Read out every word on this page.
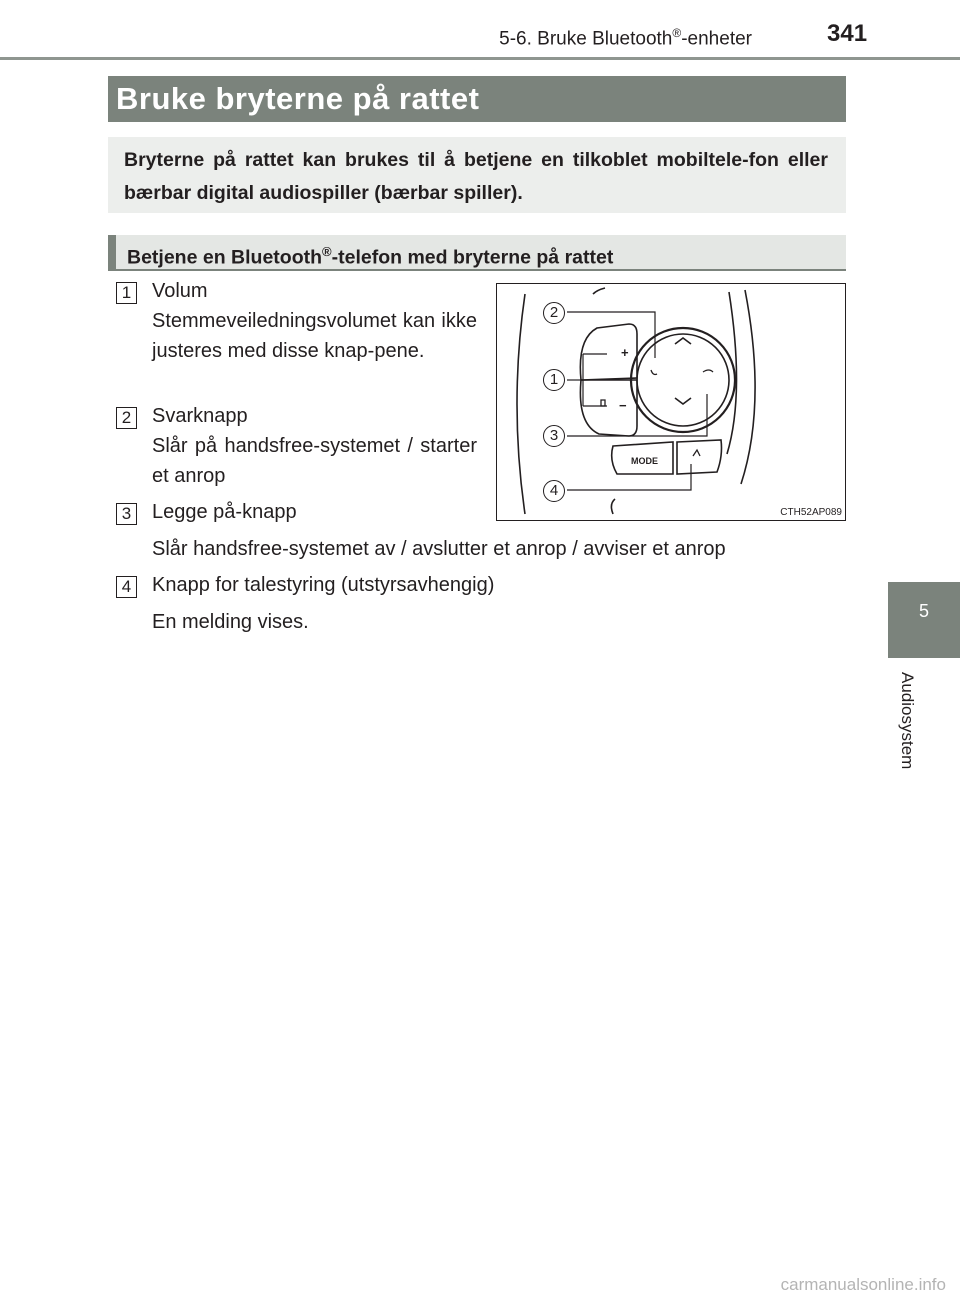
5-6. Bruke Bluetooth®-enheter	341
5
Audiosystem
Bruke bryterne på rattet
Bryterne på rattet kan brukes til å betjene en tilkoblet mobiltele-fon eller bærbar digital audiospiller (bærbar spiller).
Betjene en Bluetooth®-telefon med bryterne på rattet
1 Volum
Stemmeveiledningsvolumet kan ikke justeres med disse knap-pene.
2 Svarknapp
Slår på handsfree-systemet / starter et anrop
3 Legge på-knapp
Slår handsfree-systemet av / avslutter et anrop / avviser et anrop
4 Knapp for talestyring (utstyrsavhengig)
En melding vises.
+
−
MODE
2
1
3
4
CTH52AP089
carmanualsonline.info
